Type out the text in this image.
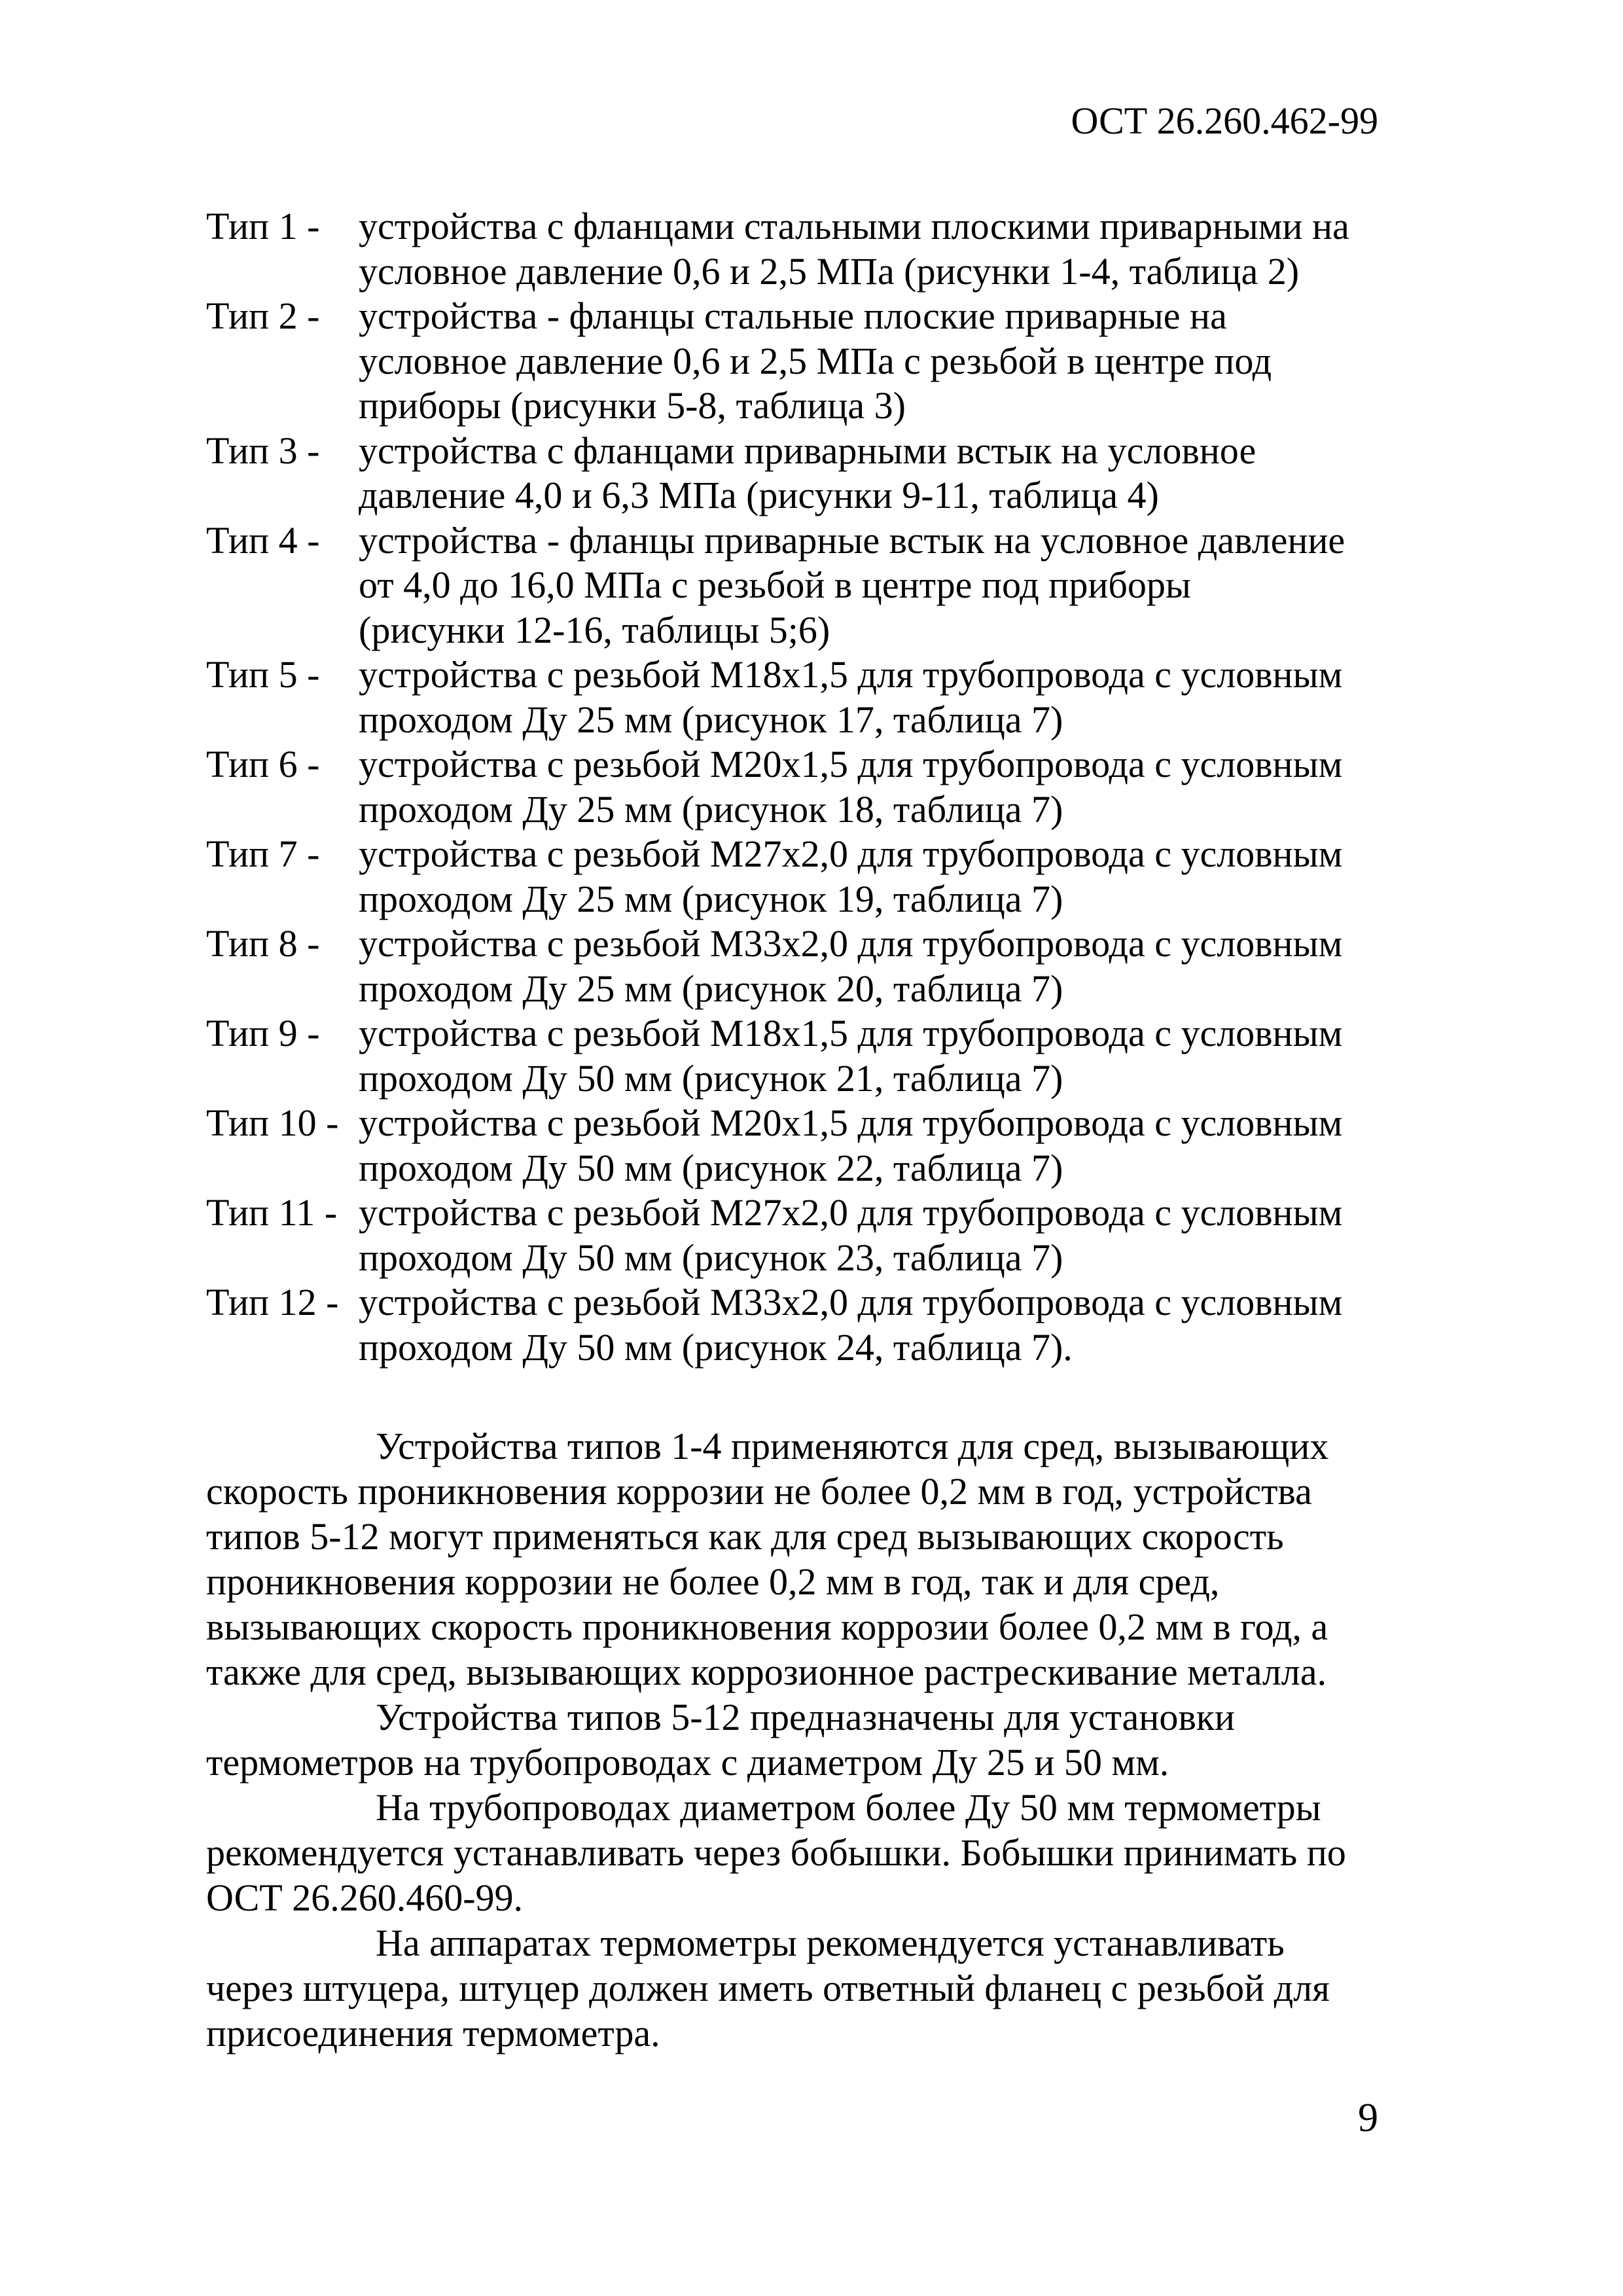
ОСТ 26.260.462-99
Тип 1 -	устройства с фланцами стальными плоскими приварными на
условное давление 0,6 и 2,5 МПа (рисунки 1-4, таблица 2)
Тип 2 -	устройства - фланцы стальные плоские приварные на
условное давление 0,6 и 2,5 МПа с резьбой в центре под
приборы (рисунки 5-8, таблица 3)
Тип 3 -	устройства с фланцами приварными встык на условное
давление 4,0 и 6,3 МПа (рисунки 9-11, таблица 4)
Тип 4 -	устройства - фланцы приварные встык на условное давление
от 4,0 до 16,0 МПа с резьбой в центре под приборы
(рисунки 12-16, таблицы 5;6)
Тип 5 -	устройства с резьбой М18х1,5 для трубопровода с условным
проходом Ду 25 мм (рисунок 17, таблица 7)
Тип 6 -	устройства с резьбой М20х1,5 для трубопровода с условным
проходом Ду 25 мм (рисунок 18, таблица 7)
Тип 7 -	устройства с резьбой М27х2,0 для трубопровода с условным
проходом Ду 25 мм (рисунок 19, таблица 7)
Тип 8 -	устройства с резьбой М33х2,0 для трубопровода с условным
проходом Ду 25 мм (рисунок 20, таблица 7)
Тип 9 -	устройства с резьбой М18х1,5 для трубопровода с условным
проходом Ду 50 мм (рисунок 21, таблица 7)
Тип 10 - устройства с резьбой М20х1,5 для трубопровода с условным
проходом Ду 50 мм (рисунок 22, таблица 7)
Тип 11 - устройства с резьбой М27х2,0 для трубопровода с условным
проходом Ду 50 мм (рисунок 23, таблица 7)
Тип 12 - устройства с резьбой М33х2,0 для трубопровода с условным
проходом Ду 50 мм (рисунок 24, таблица 7).
Устройства типов 1-4 применяются для сред, вызывающих
скорость проникновения коррозии не более 0,2 мм в год, устройства
типов 5-12 могут применяться как для сред вызывающих скорость
проникновения коррозии не более 0,2 мм в год, так и для сред,
вызывающих скорость проникновения коррозии более 0,2 мм в год, а
также для сред, вызывающих коррозионное растрескивание металла.
Устройства типов 5-12 предназначены для установки
термометров на трубопроводах с диаметром Ду 25 и 50 мм.
На трубопроводах диаметром более Ду 50 мм термометры
рекомендуется устанавливать через бобышки. Бобышки принимать по
ОСТ 26.260.460-99.
На аппаратах термометры рекомендуется устанавливать
через штуцера, штуцер должен иметь ответный фланец с резьбой для
присоединения термометра.
9
